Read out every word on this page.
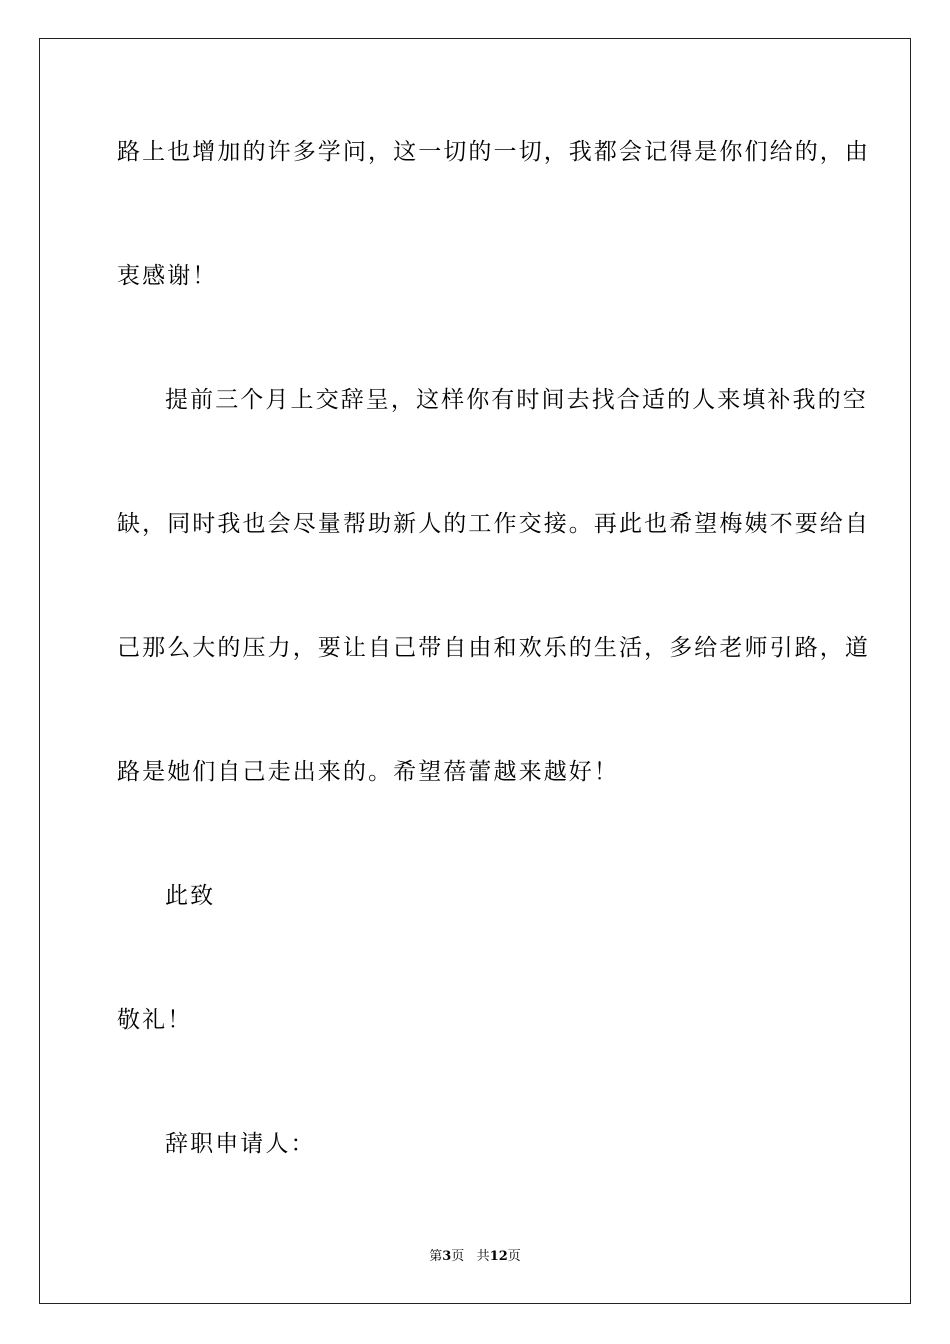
路上也增加的许多学问，这一切的一切，我都会记得是你们给的，由
衷感谢！
提前三个月上交辞呈，这样你有时间去找合适的人来填补我的空
缺，同时我也会尽量帮助新人的工作交接。再此也希望梅姨不要给自
己那么大的压力，要让自己带自由和欢乐的生活，多给老师引路，道
路是她们自己走出来的。希望蓓蕾越来越好！
此致
敬礼！
辞职申请人：
第3页 共12页
